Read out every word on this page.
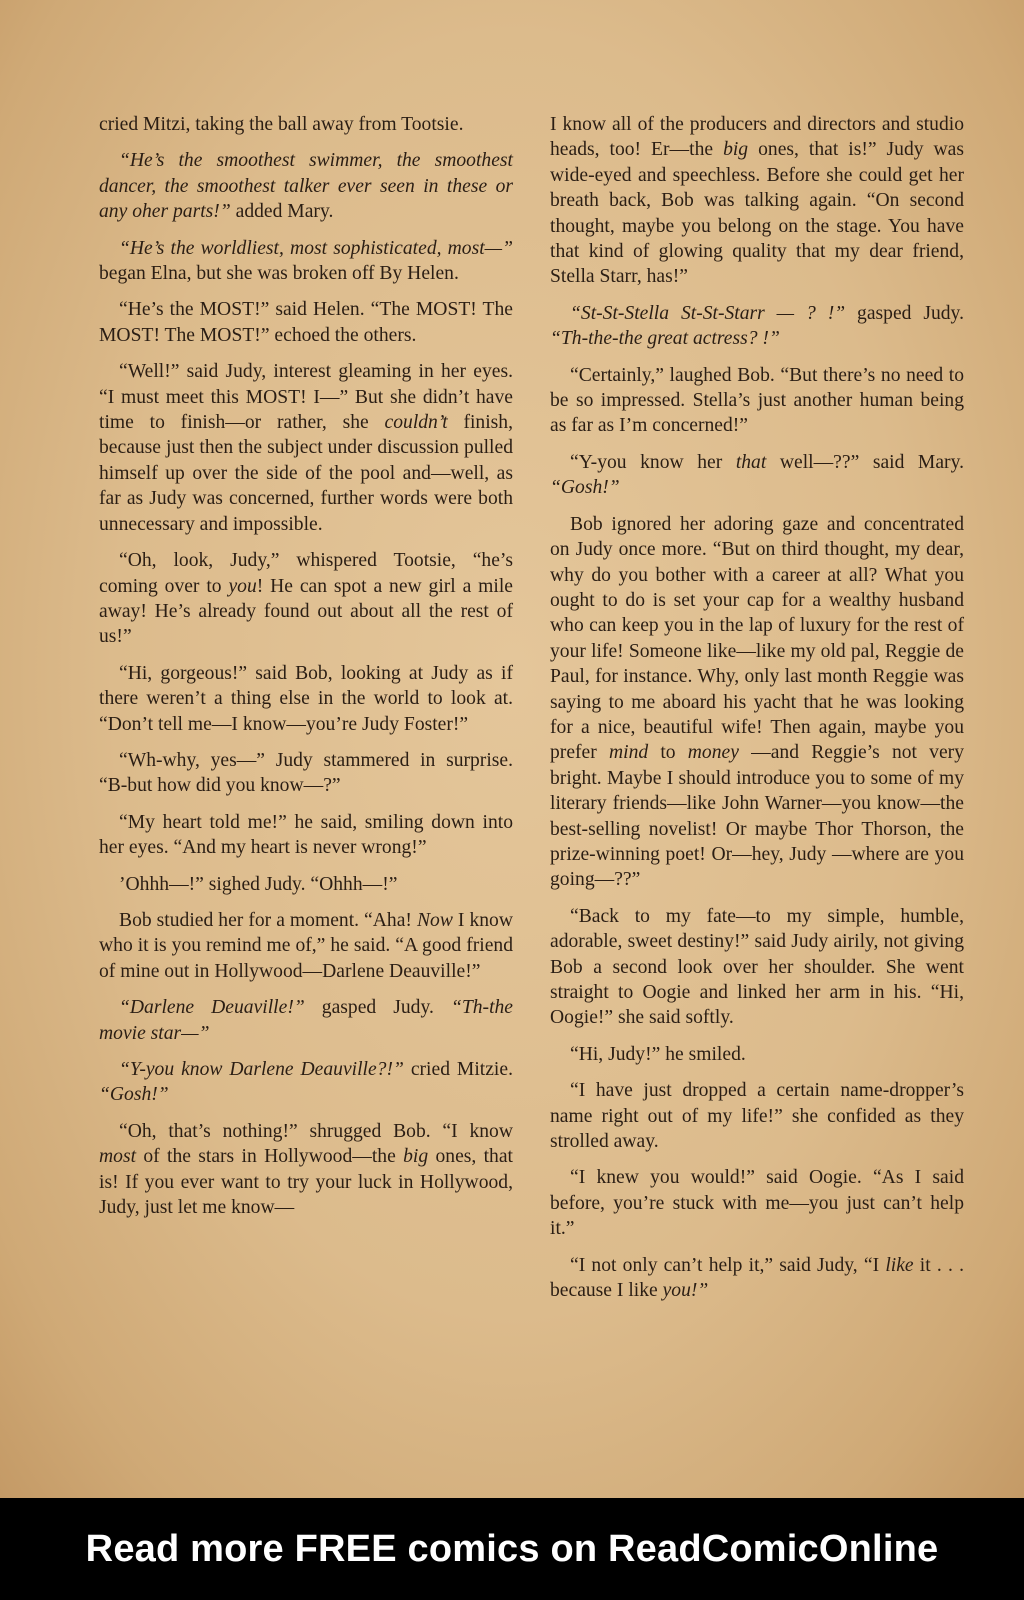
cried Mitzi, taking the ball away from Tootsie.

“He’s the smoothest swimmer, the smoothest dancer, the smoothest talker ever seen in these or any oher parts!” added Mary.

“He’s the worldliest, most sophisticated, most—” began Elna, but she was broken off By Helen.

“He’s the MOST!” said Helen. “The MOST! The MOST! The MOST!” echoed the others.

“Well!” said Judy, interest gleaming in her eyes. “I must meet this MOST! I—” But she didn’t have time to finish—or rather, she couldn’t finish, because just then the subject under discussion pulled himself up over the side of the pool and—well, as far as Judy was concerned, further words were both unnecessary and impossible.

“Oh, look, Judy,” whispered Tootsie, “he’s coming over to you! He can spot a new girl a mile away! He’s already found out about all the rest of us!”

“Hi, gorgeous!” said Bob, looking at Judy as if there weren’t a thing else in the world to look at. “Don’t tell me—I know—you’re Judy Foster!”

“Wh-why, yes—” Judy stammered in surprise. “B-but how did you know—?”

“My heart told me!” he said, smiling down into her eyes. “And my heart is never wrong!”

’Ohhh—!” sighed Judy. “Ohhh—!”

Bob studied her for a moment. “Aha! Now I know who it is you remind me of,” he said. “A good friend of mine out in Hollywood—Darlene Deauville!”

“Darlene Deuaville!” gasped Judy. “Th-the movie star—”

“Y-you know Darlene Deauville?!” cried Mitzie. “Gosh!”

“Oh, that’s nothing!” shrugged Bob. “I know most of the stars in Hollywood—the big ones, that is! If you ever want to try your luck in Hollywood, Judy, just let me know—

I know all of the producers and directors and studio heads, too! Er—the big ones, that is!” Judy was wide-eyed and speechless. Before she could get her breath back, Bob was talking again. “On second thought, maybe you belong on the stage. You have that kind of glowing quality that my dear friend, Stella Starr, has!”

“St-St-Stella St-St-Starr — ? !” gasped Judy. “Th-the-the great actress? !”

“Certainly,” laughed Bob. “But there’s no need to be so impressed. Stella’s just another human being as far as I’m concerned!”

“Y-you know her that well—??” said Mary. “Gosh!”

Bob ignored her adoring gaze and concentrated on Judy once more. “But on third thought, my dear, why do you bother with a career at all? What you ought to do is set your cap for a wealthy husband who can keep you in the lap of luxury for the rest of your life! Someone like—like my old pal, Reggie de Paul, for instance. Why, only last month Reggie was saying to me aboard his yacht that he was looking for a nice, beautiful wife! Then again, maybe you prefer mind to money —and Reggie’s not very bright. Maybe I should introduce you to some of my literary friends—like John Warner—you know—the best-selling novelist! Or maybe Thor Thorson, the prize-winning poet! Or—hey, Judy —where are you going—??”

“Back to my fate—to my simple, humble, adorable, sweet destiny!” said Judy airily, not giving Bob a second look over her shoulder. She went straight to Oogie and linked her arm in his. “Hi, Oogie!” she said softly.

“Hi, Judy!” he smiled.

“I have just dropped a certain name-dropper’s name right out of my life!” she confided as they strolled away.

“I knew you would!” said Oogie. “As I said before, you’re stuck with me—you just can’t help it.”

“I not only can’t help it,” said Judy, “I like it . . . because I like you!”

Read more FREE comics on ReadComicOnline
